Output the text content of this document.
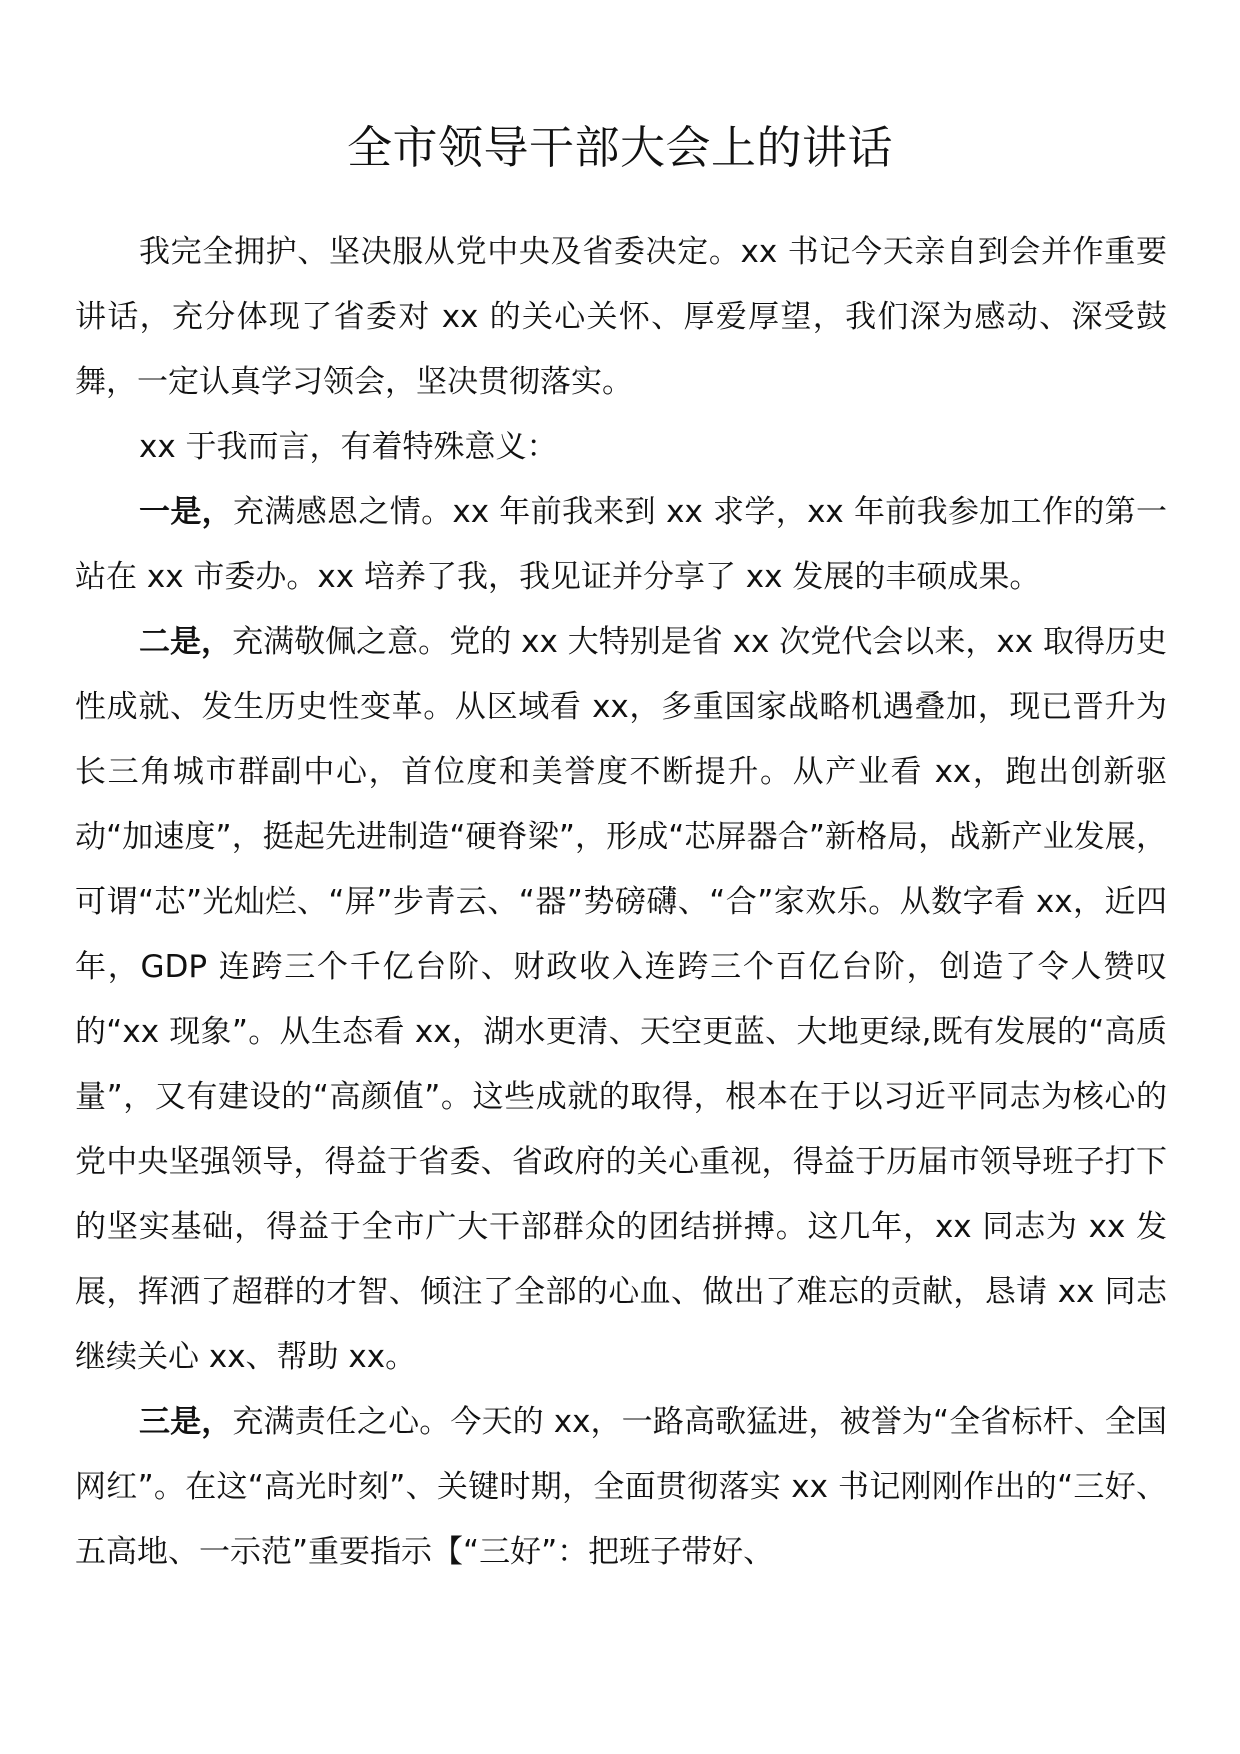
全市领导干部大会上的讲话

我完全拥护、坚决服从党中央及省委决定。xx 书记今天亲自到会并作重要讲话，充分体现了省委对 xx 的关心关怀、厚爱厚望，我们深为感动、深受鼓舞，一定认真学习领会，坚决贯彻落实。

xx 于我而言，有着特殊意义：

一是，充满感恩之情。xx 年前我来到 xx 求学，xx 年前我参加工作的第一站在 xx 市委办。xx 培养了我，我见证并分享了 xx 发展的丰硕成果。

二是，充满敬佩之意。党的 xx 大特别是省 xx 次党代会以来，xx 取得历史性成就、发生历史性变革。从区域看 xx，多重国家战略机遇叠加，现已晋升为长三角城市群副中心，首位度和美誉度不断提升。从产业看 xx，跑出创新驱动“加速度”，挺起先进制造“硬脊梁”，形成“芯屏器合”新格局，战新产业发展，可谓“芯”光灿烂、“屏”步青云、“器”势磅礴、“合”家欢乐。从数字看 xx，近四年，GDP 连跨三个千亿台阶、财政收入连跨三个百亿台阶，创造了令人赞叹的“xx 现象”。从生态看 xx，湖水更清、天空更蓝、大地更绿,既有发展的“高质量”，又有建设的“高颜值”。这些成就的取得，根本在于以习近平同志为核心的党中央坚强领导，得益于省委、省政府的关心重视，得益于历届市领导班子打下的坚实基础，得益于全市广大干部群众的团结拼搏。这几年，xx 同志为 xx 发展，挥洒了超群的才智、倾注了全部的心血、做出了难忘的贡献，恳请 xx 同志继续关心 xx、帮助 xx。

三是，充满责任之心。今天的 xx，一路高歌猛进，被誉为“全省标杆、全国网红”。在这“高光时刻”、关键时期，全面贯彻落实 xx 书记刚刚作出的“三好、五高地、一示范”重要指示【“三好”：把班子带好、
